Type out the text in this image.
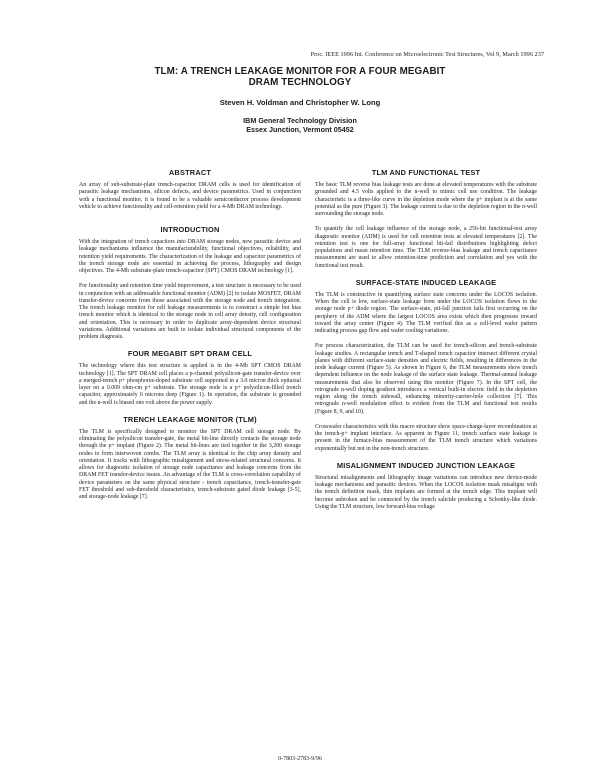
Proc. IEEE 1996 Int. Conference on Microelectronic Test Structures, Vol 9, March 1996 237

TLM: A TRENCH LEAKAGE MONITOR FOR A FOUR MEGABIT

DRAM TECHNOLOGY

Steven H. Voldman and Christopher W. Long

IBM General Technology Division

Essex Junction, Vermont 05452

ABSTRACT

An array of sub-substrate-plate trench-capacitor DRAM cells is used for identification of parasitic leakage mechanisms, silicon defects, and device parametrics. Used in conjunction with a functional monitor, it is found to be a valuable semiconductor process development vehicle to achieve functionality and cell-retention yield for a 4-Mb DRAM technology.

INTRODUCTION

With the integration of trench capacitors into DRAM storage nodes, new parasitic device and leakage mechanisms influence the manufacturability, functional objectives, reliability, and retention yield requirements. The characterization of the leakage and capacitor parametrics of the trench storage node are essential in achieving the process, lithography and design objectives. The 4-Mb substrate-plate trench-capacitor (SPT) CMOS DRAM technology [1].

For functionality and retention time yield improvement, a test structure is necessary to be used in conjunction with an addressable functional monitor (ADM) [2] to isolate MOSFET, DRAM transfer-device concerns from those associated with the storage node and trench integration. The trench leakage monitor for cell leakage measurements is to construct a simple but bias trench monitor which is identical to the storage node in cell array density, cell configuration and orientation. This is necessary in order to duplicate array-dependent device structural variations. Additional variations are built to isolate individual structural components of the problem diagnosis.

FOUR MEGABIT SPT DRAM CELL

The technology where this test structure is applied is in the 4-Mb SPT CMOS DRAM technology [1]. The SPT DRAM cell places a p-channel polysilicon-gate transfer-device over a merged-trench p+ phosphorus-doped substrate cell supported in a 3.0 micron thick epitaxial layer on a 0.009 ohm-cm p+ substrate. The storage node is a p+ polysilicon-filled trench capacitor, approximately 6 microns deep (Figure 1). In operation, the substrate is grounded and the n-well is biased one volt above the power supply.

TRENCH LEAKAGE MONITOR (TLM)

The TLM is specifically designed to monitor the SPT DRAM cell storage node. By eliminating the polysilicon transfer-gate, the metal bit-line directly contacts the storage node through the p+ implant (Figure 2). The metal bit-lines are tied together in the 3,200 storage nodes to form interwoven combs. The TLM array is identical to the chip array density and orientation. It tracks with lithographic misalignment and stress-related structural concerns. It allows for diagnostic isolation of storage node capacitance and leakage concerns from the DRAM FET transfer-device issues. An advantage of the TLM is cross-correlation capability of device parameters on the same physical structure - trench capacitance, trench-transfer-gate FET threshold and sub-threshold characteristics, trench-substrate gated diode leakage [3-5], and storage-node leakage [7].

TLM AND FUNCTIONAL TEST

The basic TLM reverse bias leakage tests are done at elevated temperatures with the substrate grounded and 4.5 volts applied to the n-well to mimic cell use condition. The leakage characteristic is a three-like curve in the depletion mode where the p+ implant is at the same potential as the pure (Figure 3). The leakage current is due to the depletion region in the n-well surrounding the storage node.

To quantify the cell leakage influence of the storage node, a 256-bit functional-test array diagnostic monitor (ADM) is used for cell retention tests at elevated temperatures [2]. The retention test is one for full-array functional bit-fail distributions highlighting defect populations and mean retention time. The TLM reverse-bias leakage and trench capacitance measurement are used to allow retention-time prediction and correlation and yes with the functional test result.

SURFACE-STATE INDUCED LEAKAGE

The TLM is constructive in quantifying surface state concerns under the LOCOS isolation. When the cell is low, surface-state leakage from under the LOCOS isolation flows to the storage node p+ diode region. The surface-state, pit-fall junction fails first occurring on the periphery of the ADM where the largest LOCOS area exists which then progresses inward toward the array center (Figure 4). The TLM verified this as a cell-level wafer pattern indicating process gap flow and wafer cooling variations.

For process characterization, the TLM can be used for trench-silicon and trench-substrate leakage studies. A rectangular trench and T-shaped trench capacitor intersect different crystal planes with different surface-state densities and electric fields, resulting in differences in the node leakage current (Figure 5). As shown in Figure 6, the TLM measurements show trench dependent influence on the node leakage of the surface state leakage. Thermal-anneal leakage measurements that also be observed using this monitor (Figure 7). In the SPT cell, the retrograde n-well doping gradient introduces a vertical built-in electric field in the depletion region along the trench sidewall, enhancing minority-carrier-hole collection [7]. This retrograde n-well modulation effect is evident from the TLM and functional test results (Figure 8, 9, and 10).

Crosswafer characteristics with this macro structure show space-charge-layer recombination at the trench-p+ implant interface. As apparent in Figure 11, trench surface state leakage is present in the furnace-bias measurement of the TLM trench structure which variations exponentially but not in the non-trench structure.

MISALIGNMENT INDUCED JUNCTION LEAKAGE

Structural misalignments and lithography image variations can introduce new device-mode leakage mechanisms and parasitic devices. When the LOCOS isolation mask misaligns with the trench definition mask, thin implants are formed at the trench edge. This implant will become unbroken and be connected by the trench salicide producing a Schottky-like diode. Using the TLM structure, low forward-bias voltage

0-7803-2783-9/96
